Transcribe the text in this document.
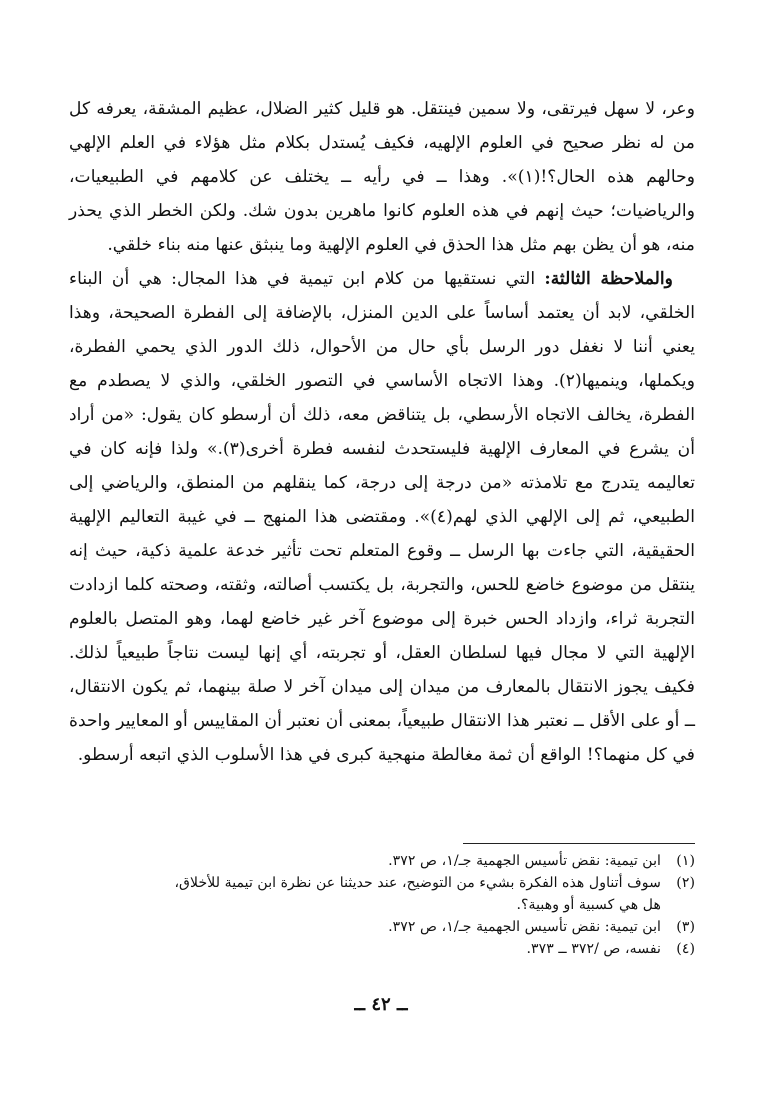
وعر، لا سهل فيرتقى، ولا سمين فينتقل. هو قليل كثير الضلال، عظيم المشقة، يعرفه كل من له نظر صحيح في العلوم الإلهيه، فكيف يُستدل بكلام مثل هؤلاء في العلم الإلهي وحالهم هذه الحال؟!(١)». وهذا ــ في رأيه ــ يختلف عن كلامهم في الطبيعيات، والرياضيات؛ حيث إنهم في هذه العلوم كانوا ماهرين بدون شك. ولكن الخطر الذي يحذر منه، هو أن يظن بهم مثل هذا الحذق في العلوم الإلهية وما ينبثق عنها منه بناء خلقي.

والملاحظة الثالثة: التي نستقيها من كلام ابن تيمية في هذا المجال: هي أن البناء الخلقي، لابد أن يعتمد أساساً على الدين المنزل، بالإضافة إلى الفطرة الصحيحة، وهذا يعني أننا لا نغفل دور الرسل بأي حال من الأحوال، ذلك الدور الذي يحمي الفطرة، ويكملها، وينميها(٢). وهذا الاتجاه الأساسي في التصور الخلقي، والذي لا يصطدم مع الفطرة، يخالف الاتجاه الأرسطي، بل يتناقض معه، ذلك أن أرسطو كان يقول: «من أراد أن يشرع في المعارف الإلهية فليستحدث لنفسه فطرة أخرى(٣).» ولذا فإنه كان في تعاليمه يتدرج مع تلامذته «من درجة إلى درجة، كما ينقلهم من المنطق، والرياضي إلى الطبيعي، ثم إلى الإلهي الذي لهم(٤)». ومقتضى هذا المنهج ــ في غيبة التعاليم الإلهية الحقيقية، التي جاءت بها الرسل ــ وقوع المتعلم تحت تأثير خدعة علمية ذكية، حيث إنه ينتقل من موضوع خاضع للحس، والتجربة، بل يكتسب أصالته، وثقته، وصحته كلما ازدادت التجربة ثراء، وازداد الحس خبرة إلى موضوع آخر غير خاضع لهما، وهو المتصل بالعلوم الإلهية التي لا مجال فيها لسلطان العقل، أو تجربته، أي إنها ليست نتاجاً طبيعياً لذلك. فكيف يجوز الانتقال بالمعارف من ميدان إلى ميدان آخر لا صلة بينهما، ثم يكون الانتقال، ــ أو على الأقل ــ نعتبر هذا الانتقال طبيعياً، بمعنى أن نعتبر أن المقاييس أو المعايير واحدة في كل منهما؟! الواقع أن ثمة مغالطة منهجية كبرى في هذا الأسلوب الذي اتبعه أرسطو.

(١)
ابن تيمية: نقض تأسيس الجهمية جـ/١، ص ٣٧٢.
(٢)
سوف أتناول هذه الفكرة بشيء من التوضيح، عند حديثنا عن نظرة ابن تيمية للأخلاق،
هل هي كسبية أو وهبية؟.
(٣)
ابن تيمية: نقض تأسيس الجهمية جـ/١، ص ٣٧٢.
(٤)
نفسه، ص /٣٧٢ ــ ٣٧٣.
ــ ٤٢ ــ
